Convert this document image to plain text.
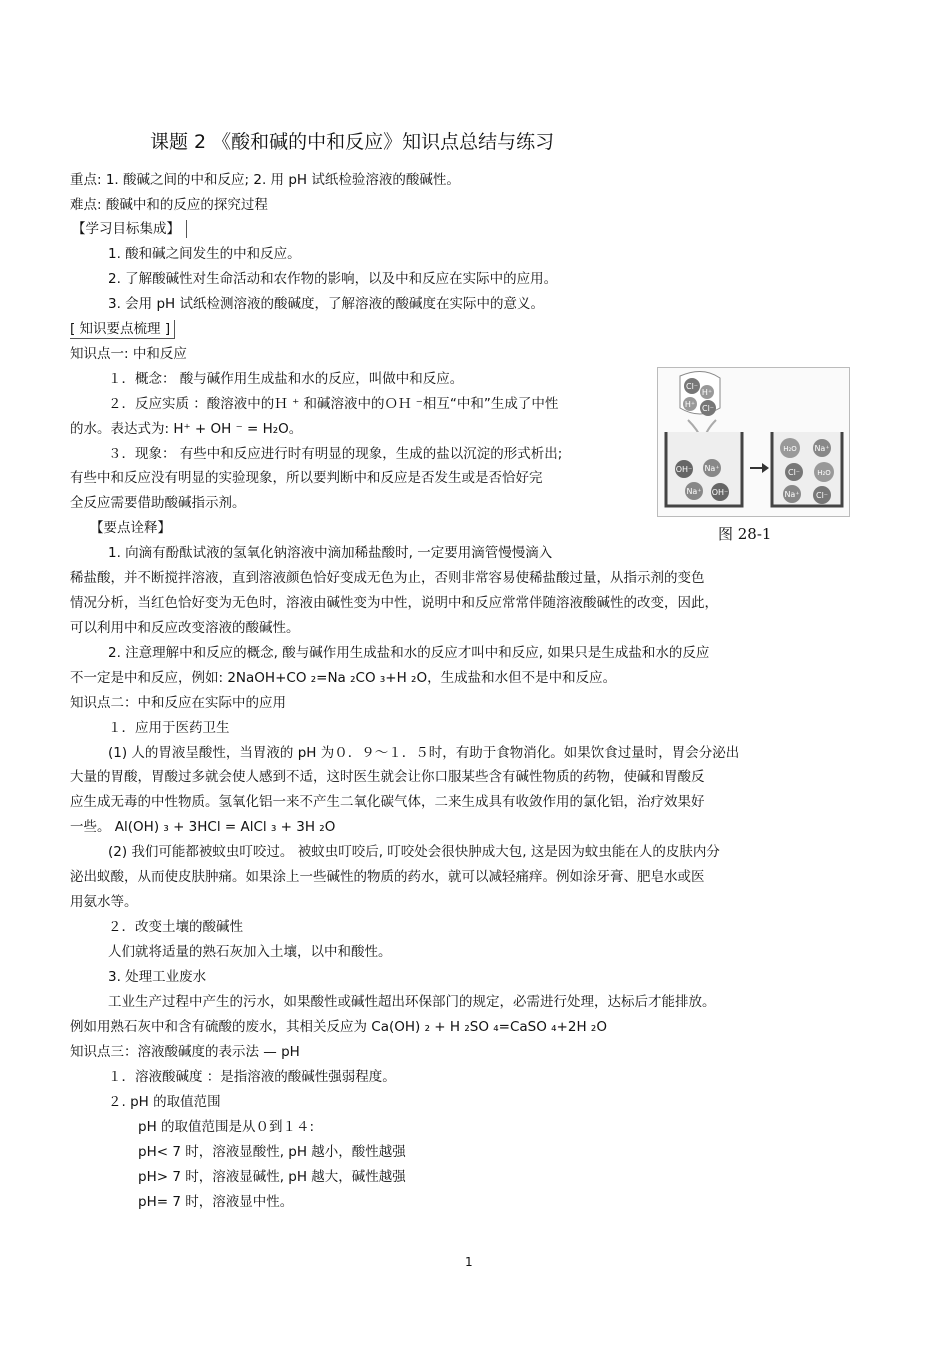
课题 2 《酸和碱的中和反应》知识点总结与练习
重点: 1. 酸碱之间的中和反应; 2. 用 pH 试纸检验溶液的酸碱性。
难点: 酸碱中和的反应的探究过程
【学习目标集成】
1. 酸和碱之间发生的中和反应。
2. 了解酸碱性对生命活动和农作物的影响，以及中和反应在实际中的应用。
3. 会用 pH 试纸检测溶液的酸碱度，了解溶液的酸碱度在实际中的意义。
[ 知识要点梳理 ]
知识点一: 中和反应
１．概念： 酸与碱作用生成盐和水的反应，叫做中和反应。
２．反应实质 ：酸溶液中的Ｈ ⁺ 和碱溶液中的ＯＨ ⁻相互“中和”生成了中性
的水。表达式为: H⁺ + OH ⁻ = H₂O。
３．现象： 有些中和反应进行时有明显的现象，生成的盐以沉淀的形式析出;
有些中和反应没有明显的实验现象，所以要判断中和反应是否发生或是否恰好完
全反应需要借助酸碱指示剂。
【要点诠释】
1. 向滴有酚酞试液的氢氧化钠溶液中滴加稀盐酸时, 一定要用滴管慢慢滴入
稀盐酸，并不断搅拌溶液，直到溶液颜色恰好变成无色为止，否则非常容易使稀盐酸过量，从指示剂的变色
情况分析，当红色恰好变为无色时，溶液由碱性变为中性，说明中和反应常常伴随溶液酸碱性的改变，因此，
可以利用中和反应改变溶液的酸碱性。
2. 注意理解中和反应的概念, 酸与碱作用生成盐和水的反应才叫中和反应, 如果只是生成盐和水的反应
不一定是中和反应，例如: 2NaOH+CO ₂=Na ₂CO ₃+H ₂O，生成盐和水但不是中和反应。
知识点二：中和反应在实际中的应用
１．应用于医药卫生
(1) 人的胃液呈酸性，当胃液的 pH 为０．９～１．５时，有助于食物消化。如果饮食过量时，胃会分泌出
大量的胃酸，胃酸过多就会使人感到不适，这时医生就会让你口服某些含有碱性物质的药物，使碱和胃酸反
应生成无毒的中性物质。氢氧化铝一来不产生二氧化碳气体，二来生成具有收敛作用的氯化铝，治疗效果好
一些。 Al(OH) ₃ + 3HCl = AlCl ₃ + 3H ₂O
(2) 我们可能都被蚊虫叮咬过。 被蚊虫叮咬后, 叮咬处会很快肿成大包, 这是因为蚊虫能在人的皮肤内分
泌出蚁酸，从而使皮肤肿痛。如果涂上一些碱性的物质的药水，就可以减轻痛痒。例如涂牙膏、肥皂水或医
用氨水等。
２．改变土壤的酸碱性
人们就将适量的熟石灰加入土壤，以中和酸性。
3. 处理工业废水
工业生产过程中产生的污水，如果酸性或碱性超出环保部门的规定，必需进行处理，达标后才能排放。
例如用熟石灰中和含有硫酸的废水，其相关反应为 Ca(OH) ₂ + H ₂SO ₄=CaSO ₄+2H ₂O
知识点三：溶液酸碱度的表示法 — pH
１．溶液酸碱度 ：是指溶液的酸碱性强弱程度。
２. pH 的取值范围
pH 的取值范围是从０到１４:
pH< 7 时，溶液显酸性, pH 越小，酸性越强
pH> 7 时，溶液显碱性, pH 越大，碱性越强
pH= 7 时，溶液显中性。
Cl⁻
H⁺
H⁺ Cl⁻
OH⁻ Na⁺
Na⁺ OH⁻
H₂O Na⁺
Cl⁻ H₂O
Na⁺ Cl⁻
图 28-1
1
